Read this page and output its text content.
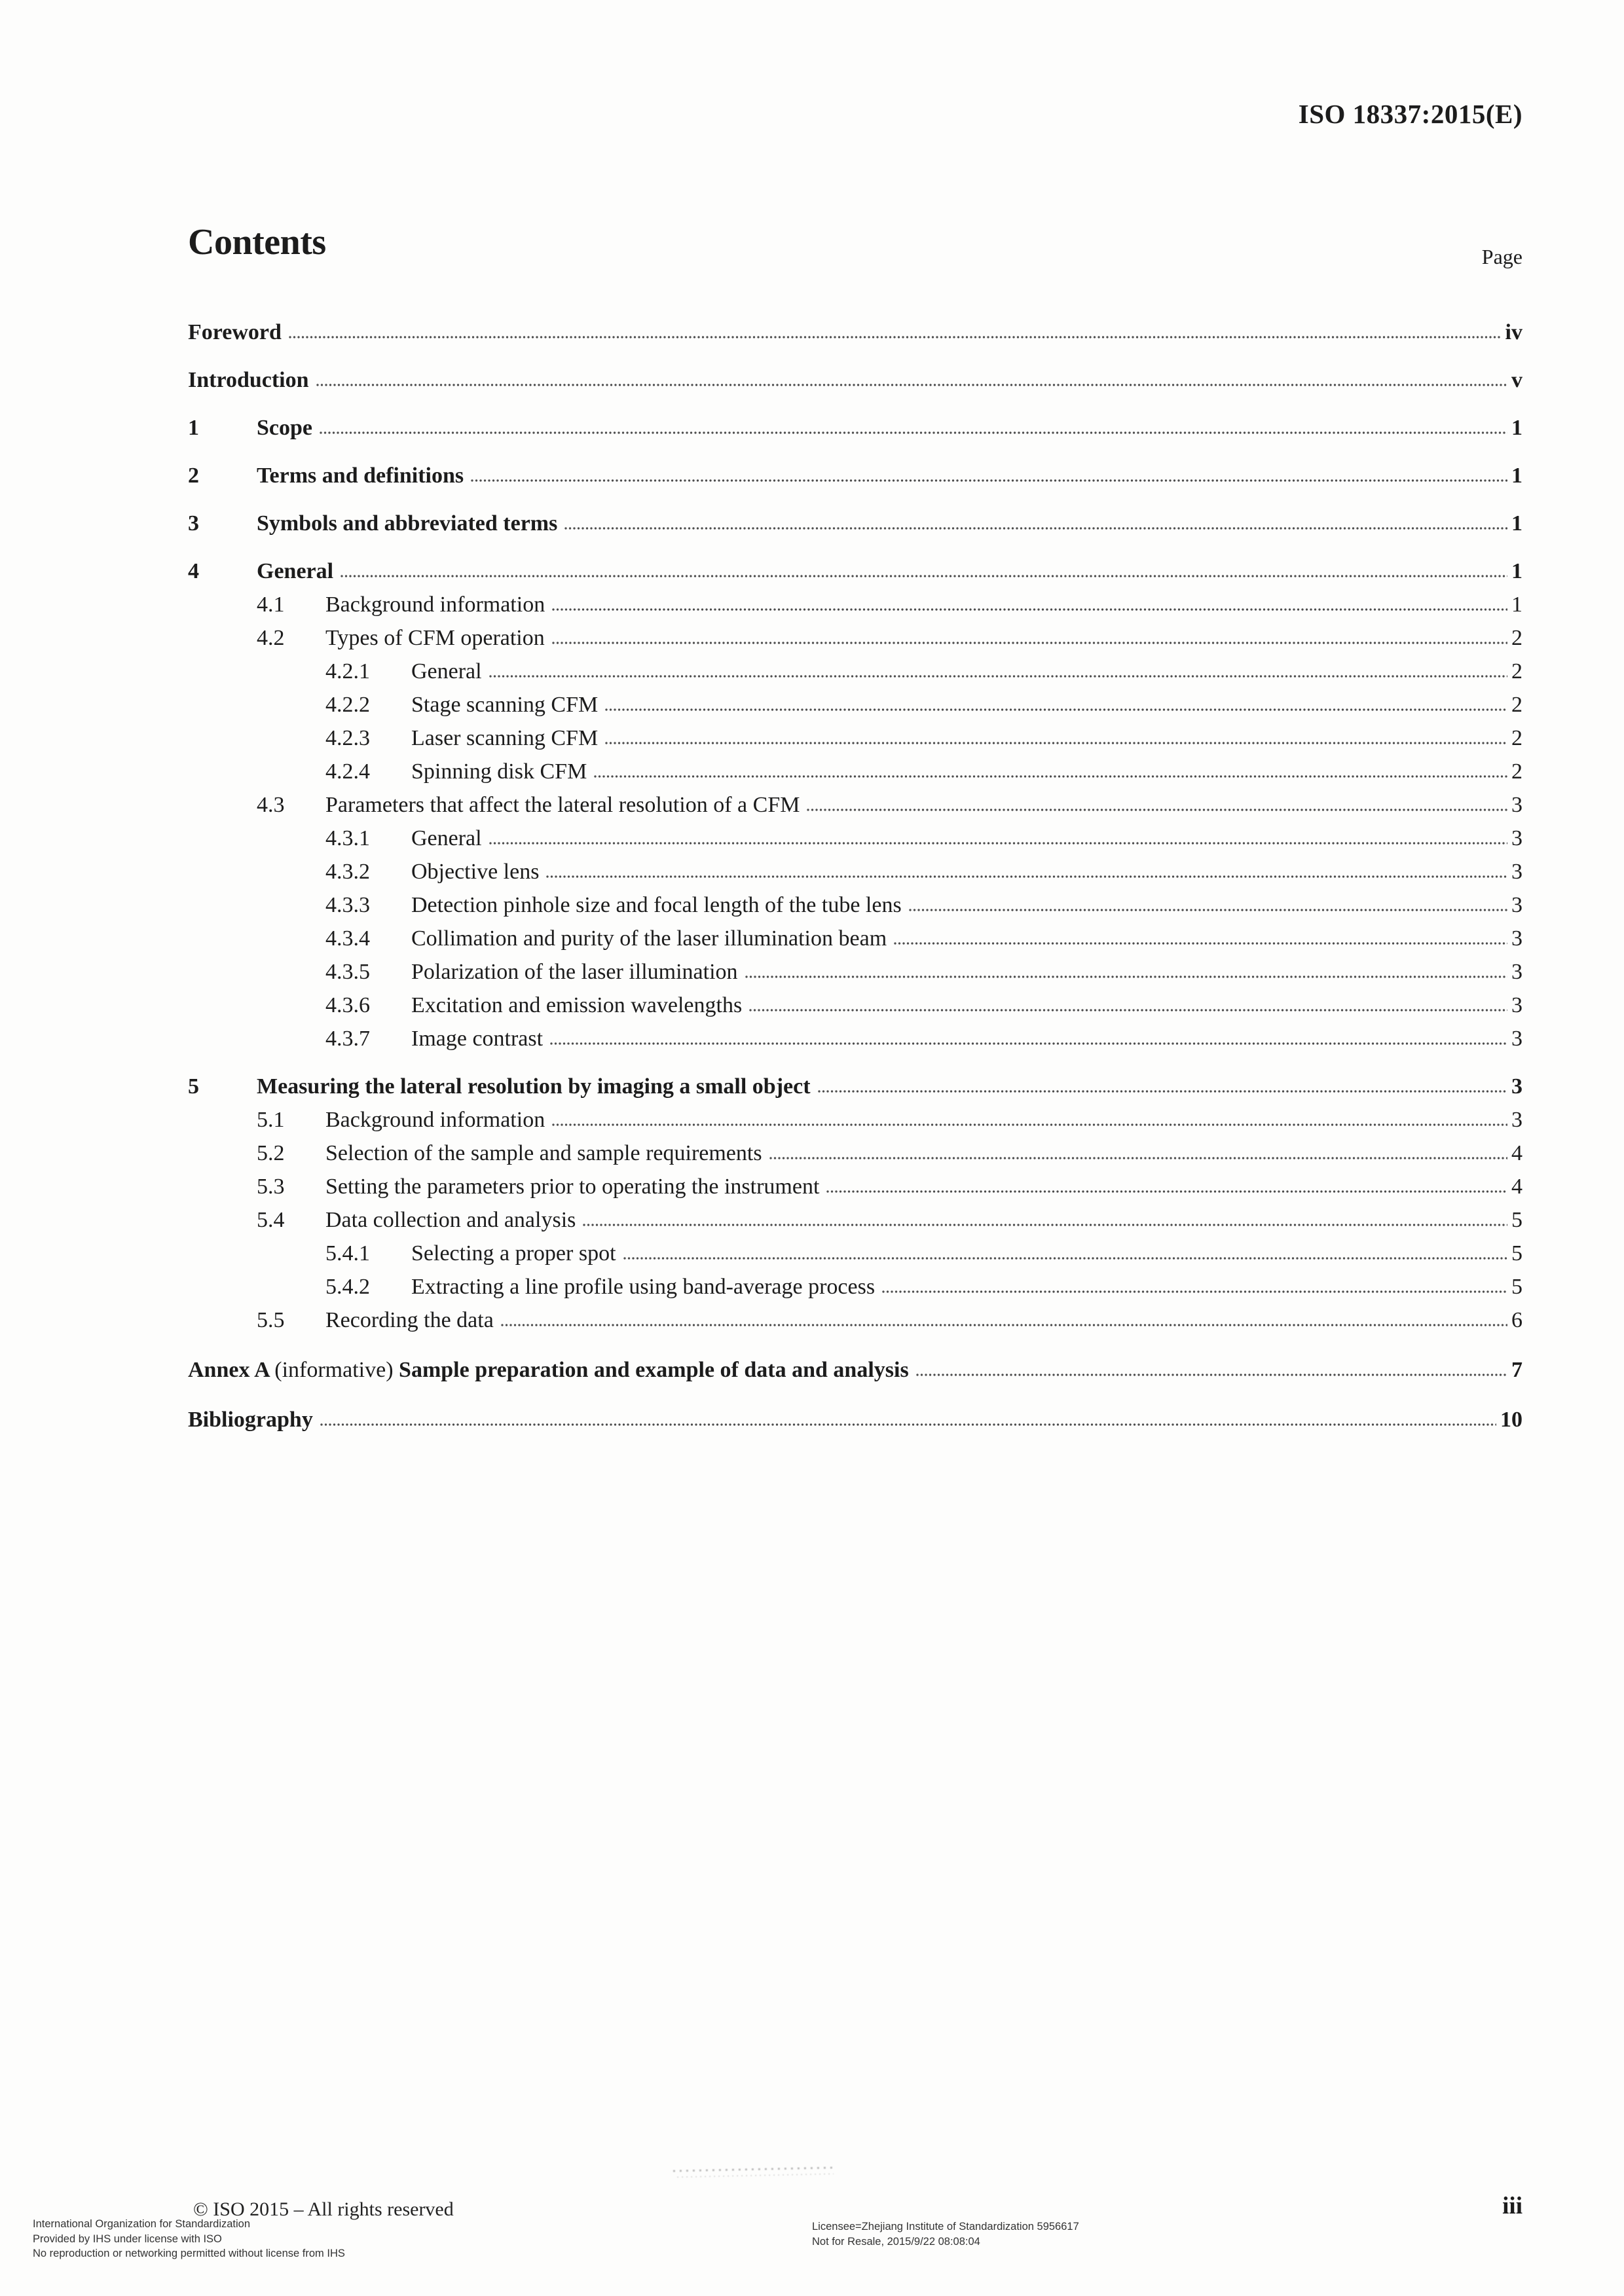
ISO 18337:2015(E)
Contents	Page
Foreword	iv
Introduction	v
1	Scope	1
2	Terms and definitions	1
3	Symbols and abbreviated terms	1
4	General	1
4.1	Background information	1
4.2	Types of CFM operation	2
4.2.1	General	2
4.2.2	Stage scanning CFM	2
4.2.3	Laser scanning CFM	2
4.2.4	Spinning disk CFM	2
4.3	Parameters that affect the lateral resolution of a CFM	3
4.3.1	General	3
4.3.2	Objective lens	3
4.3.3	Detection pinhole size and focal length of the tube lens	3
4.3.4	Collimation and purity of the laser illumination beam	3
4.3.5	Polarization of the laser illumination	3
4.3.6	Excitation and emission wavelengths	3
4.3.7	Image contrast	3
5	Measuring the lateral resolution by imaging a small object	3
5.1	Background information	3
5.2	Selection of the sample and sample requirements	4
5.3	Setting the parameters prior to operating the instrument	4
5.4	Data collection and analysis	5
5.4.1	Selecting a proper spot	5
5.4.2	Extracting a line profile using band-average process	5
5.5	Recording the data	6
Annex A (informative) Sample preparation and example of data and analysis	7
Bibliography	10
© ISO 2015 – All rights reserved
International Organization for Standardization
Provided by IHS under license with ISO
No reproduction or networking permitted without license from IHS
Licensee=Zhejiang Institute of Standardization 5956617
Not for Resale, 2015/9/22 08:08:04
iii
